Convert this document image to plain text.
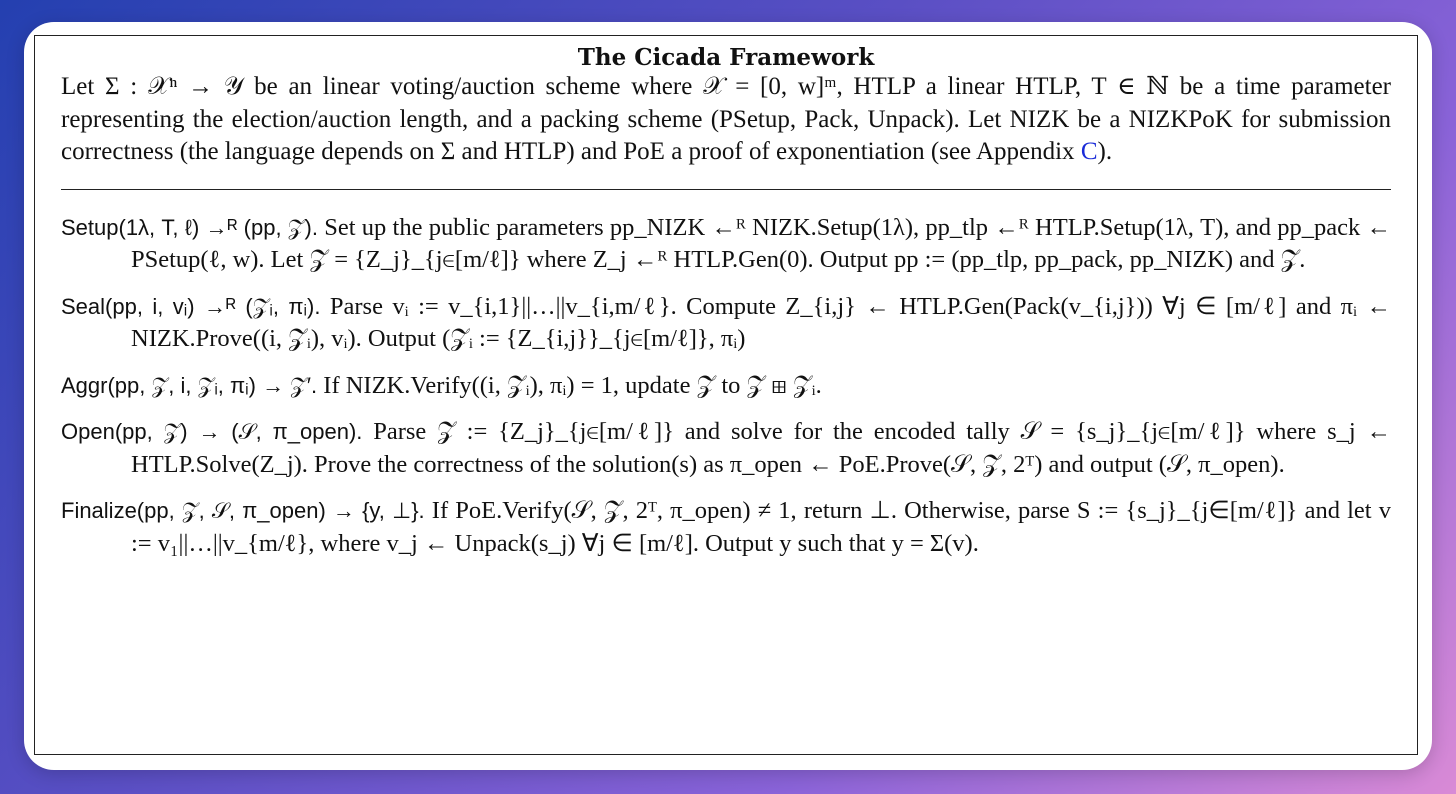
The Cicada Framework
Let Σ : 𝒳ⁿ → 𝒴 be an linear voting/auction scheme where 𝒳 = [0, w]ᵐ, HTLP a linear HTLP, T ∈ ℕ be a time parameter representing the election/auction length, and a packing scheme (PSetup, Pack, Unpack). Let NIZK be a NIZKPoK for submission correctness (the language depends on Σ and HTLP) and PoE a proof of exponentiation (see Appendix C).
Setup(1λ, T, ℓ) →ᴿ (pp, 𝒵). Set up the public parameters pp_NIZK ←ᴿ NIZK.Setup(1λ), pp_tlp ←ᴿ HTLP.Setup(1λ, T), and pp_pack ← PSetup(ℓ, w). Let 𝒵 = {Z_j}_{j∈[m/ℓ]} where Z_j ←ᴿ HTLP.Gen(0). Output pp := (pp_tlp, pp_pack, pp_NIZK) and 𝒵.
Seal(pp, i, vᵢ) →ᴿ (𝒵ᵢ, πᵢ). Parse vᵢ := v_{i,1}||…||v_{i,m/ℓ}. Compute Z_{i,j} ← HTLP.Gen(Pack(v_{i,j})) ∀j ∈ [m/ℓ] and πᵢ ← NIZK.Prove((i, 𝒵ᵢ), vᵢ). Output (𝒵ᵢ := {Z_{i,j}}_{j∈[m/ℓ]}, πᵢ)
Aggr(pp, 𝒵, i, 𝒵ᵢ, πᵢ) → 𝒵′. If NIZK.Verify((i, 𝒵ᵢ), πᵢ) = 1, update 𝒵 to 𝒵 ⊞ 𝒵ᵢ.
Open(pp, 𝒵) → (𝒮, π_open). Parse 𝒵 := {Z_j}_{j∈[m/ℓ]} and solve for the encoded tally 𝒮 = {s_j}_{j∈[m/ℓ]} where s_j ← HTLP.Solve(Z_j). Prove the correctness of the solution(s) as π_open ← PoE.Prove(𝒮, 𝒵, 2ᵀ) and output (𝒮, π_open).
Finalize(pp, 𝒵, 𝒮, π_open) → {y, ⊥}. If PoE.Verify(𝒮, 𝒵, 2ᵀ, π_open) ≠ 1, return ⊥. Otherwise, parse S := {s_j}_{j∈[m/ℓ]} and let v := v₁||…||v_{m/ℓ}, where v_j ← Unpack(s_j) ∀j ∈ [m/ℓ]. Output y such that y = Σ(v).
